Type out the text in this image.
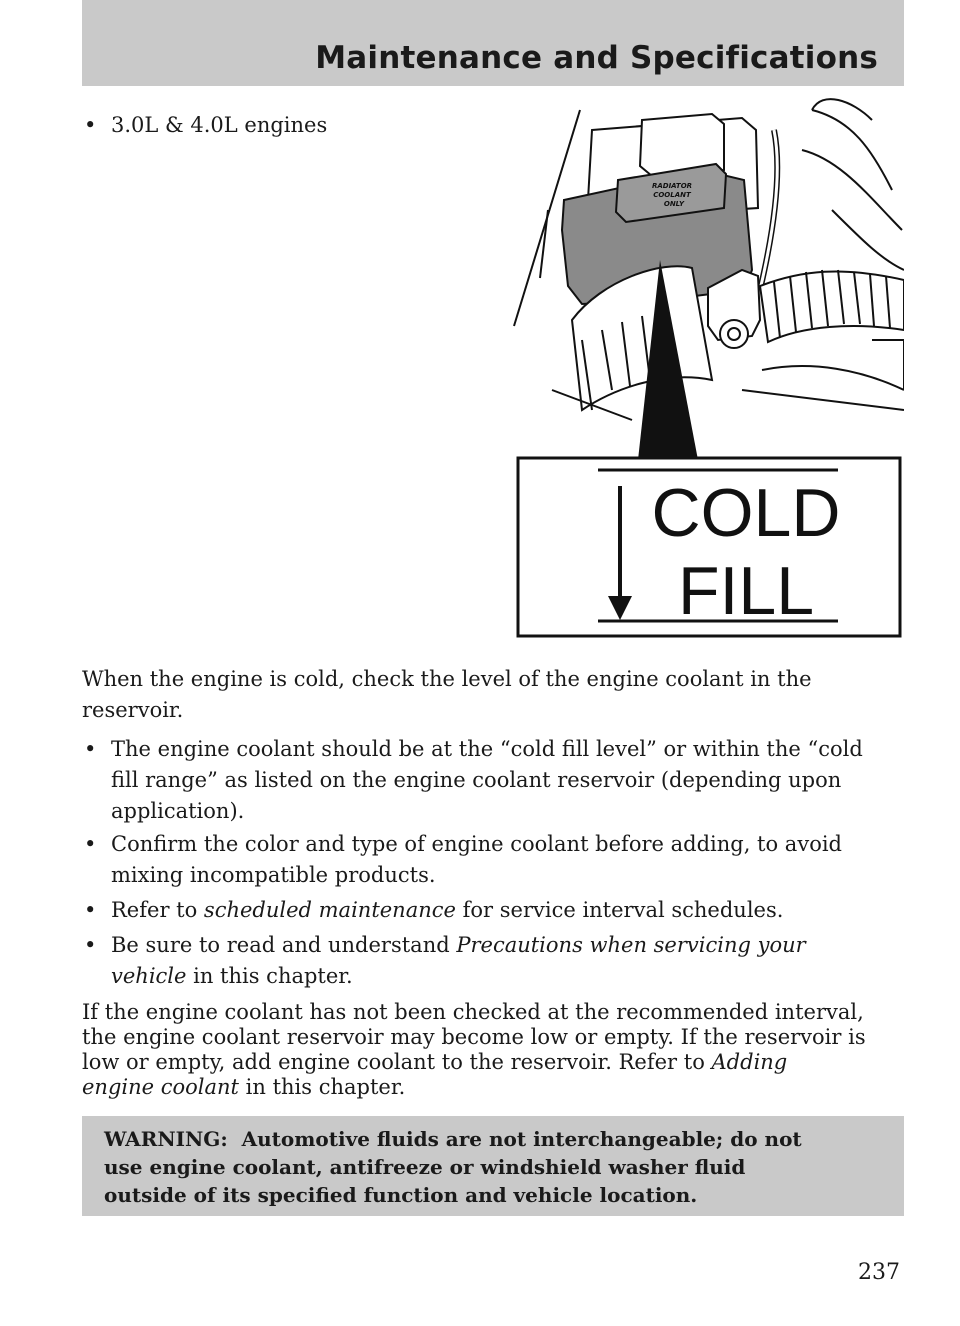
Maintenance and Specifications
• 3.0L & 4.0L engines
RADIATOR
COOLANT
ONLY
COLD
FILL
When the engine is cold, check the level of the engine coolant in the
reservoir.
• The engine coolant should be at the “cold fill level” or within the “cold
fill range” as listed on the engine coolant reservoir (depending upon
application).
• Confirm the color and type of engine coolant before adding, to avoid
mixing incompatible products.
• Refer to scheduled maintenance for service interval schedules.
• Be sure to read and understand Precautions when servicing your
vehicle in this chapter.
If the engine coolant has not been checked at the recommended interval,
the engine coolant reservoir may become low or empty. If the reservoir is
low or empty, add engine coolant to the reservoir. Refer to Adding
engine coolant in this chapter.
WARNING:  Automotive fluids are not interchangeable; do not
use engine coolant, antifreeze or windshield washer fluid
outside of its specified function and vehicle location.
237
